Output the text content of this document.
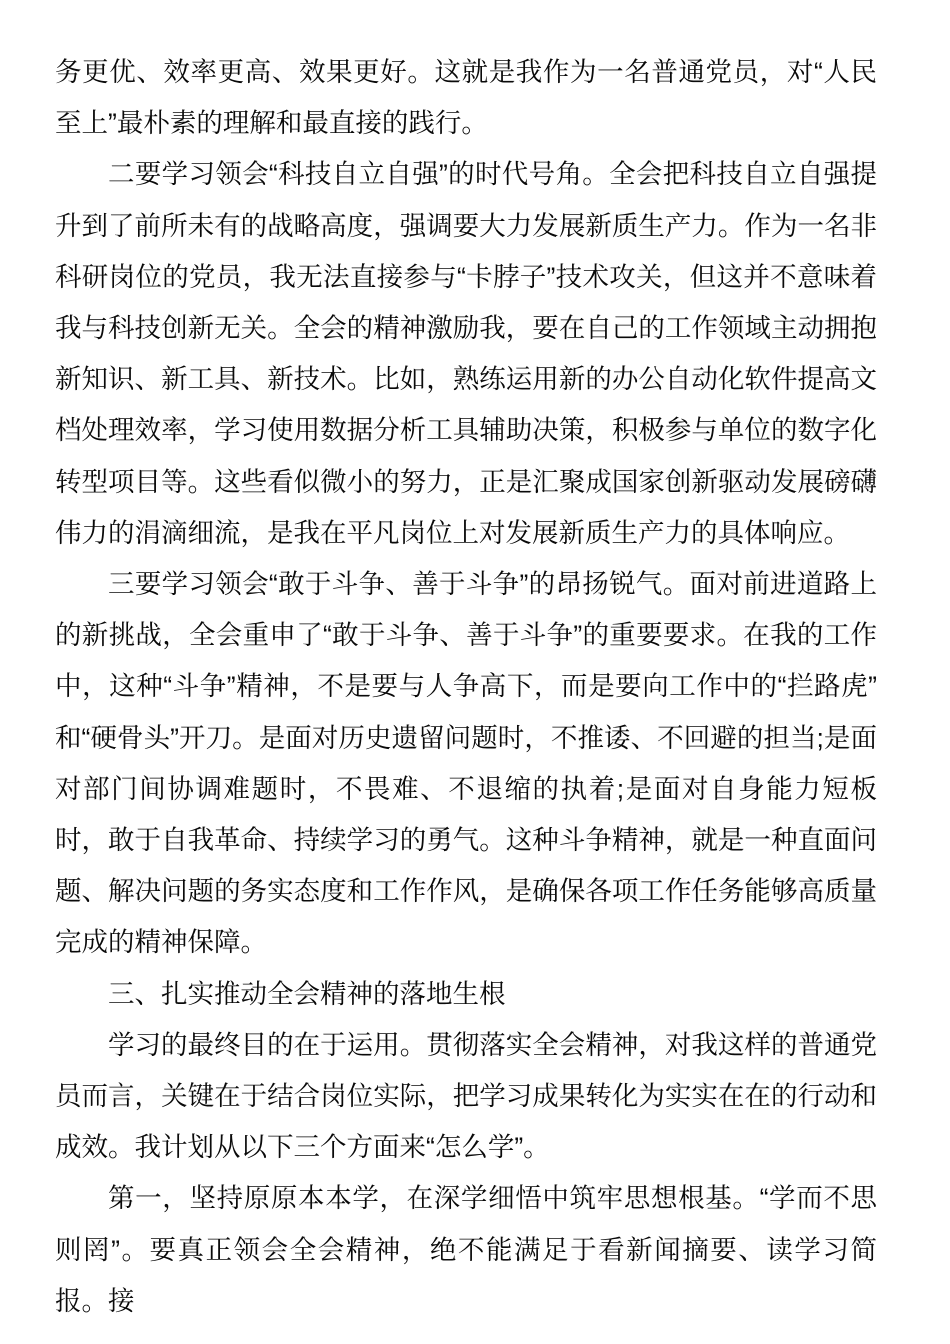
务更优、效率更高、效果更好。这就是我作为一名普通党员，对“人民至上”最朴素的理解和最直接的践行。

二要学习领会“科技自立自强”的时代号角。全会把科技自立自强提升到了前所未有的战略高度，强调要大力发展新质生产力。作为一名非科研岗位的党员，我无法直接参与“卡脖子”技术攻关，但这并不意味着我与科技创新无关。全会的精神激励我，要在自己的工作领域主动拥抱新知识、新工具、新技术。比如，熟练运用新的办公自动化软件提高文档处理效率，学习使用数据分析工具辅助决策，积极参与单位的数字化转型项目等。这些看似微小的努力，正是汇聚成国家创新驱动发展磅礴伟力的涓滴细流，是我在平凡岗位上对发展新质生产力的具体响应。

三要学习领会“敢于斗争、善于斗争”的昂扬锐气。面对前进道路上的新挑战，全会重申了“敢于斗争、善于斗争”的重要要求。在我的工作中，这种“斗争”精神，不是要与人争高下，而是要向工作中的“拦路虎”和“硬骨头”开刀。是面对历史遗留问题时，不推诿、不回避的担当;是面对部门间协调难题时，不畏难、不退缩的执着;是面对自身能力短板时，敢于自我革命、持续学习的勇气。这种斗争精神，就是一种直面问题、解决问题的务实态度和工作作风，是确保各项工作任务能够高质量完成的精神保障。

三、扎实推动全会精神的落地生根

学习的最终目的在于运用。贯彻落实全会精神，对我这样的普通党员而言，关键在于结合岗位实际，把学习成果转化为实实在在的行动和成效。我计划从以下三个方面来“怎么学”。

第一，坚持原原本本学，在深学细悟中筑牢思想根基。“学而不思则罔”。要真正领会全会精神，绝不能满足于看新闻摘要、读学习简报。接
